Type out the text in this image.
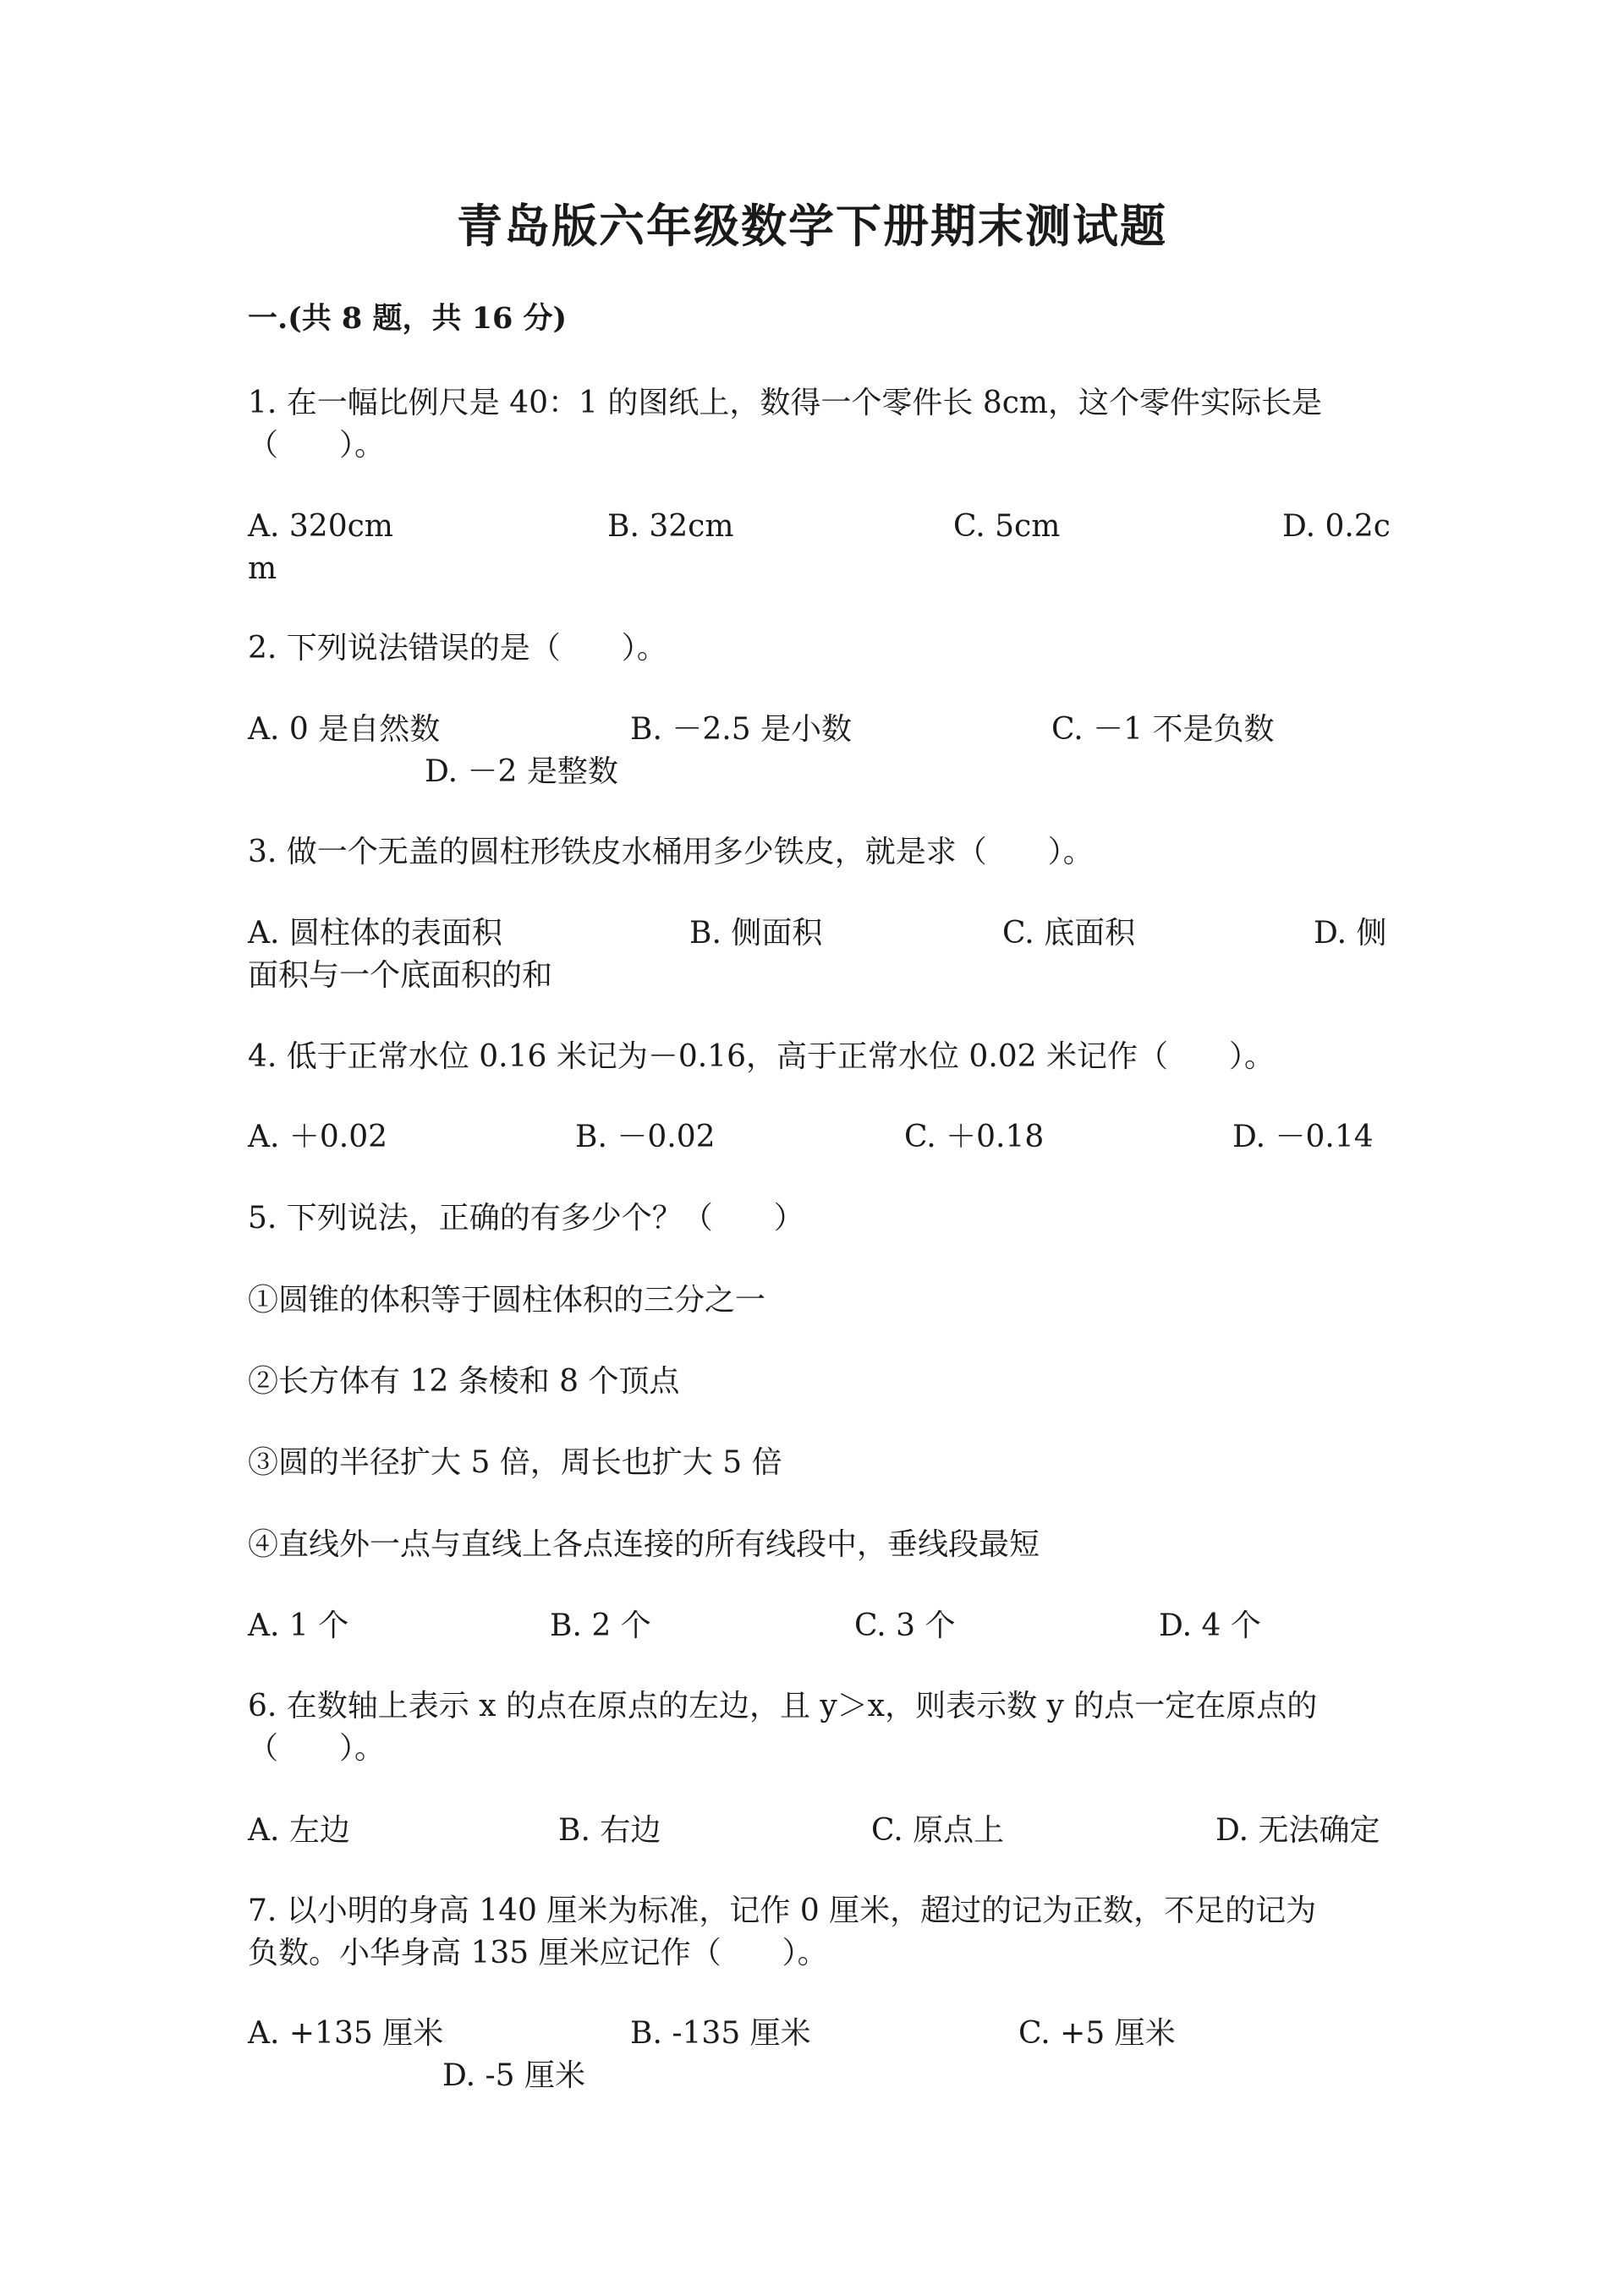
青岛版六年级数学下册期末测试题
一.(共 8 题，共 16 分)
1. 在一幅比例尺是 40：1 的图纸上，数得一个零件长 8cm，这个零件实际长是
（　　）。
A. 320cm	B. 32cm	C. 5cm	D. 0.2c
m
2. 下列说法错误的是（　　）。
A. 0 是自然数	B. －2.5 是小数	C. －1 不是负数
D. －2 是整数
3. 做一个无盖的圆柱形铁皮水桶用多少铁皮，就是求（　　）。
A. 圆柱体的表面积	B. 侧面积	C. 底面积	D. 侧
面积与一个底面积的和
4. 低于正常水位 0.16 米记为－0.16，高于正常水位 0.02 米记作（　　）。
A. ＋0.02	B. －0.02	C. ＋0.18	D. －0.14
5. 下列说法，正确的有多少个？（　　）
①圆锥的体积等于圆柱体积的三分之一
②长方体有 12 条棱和 8 个顶点
③圆的半径扩大 5 倍，周长也扩大 5 倍
④直线外一点与直线上各点连接的所有线段中，垂线段最短
A. 1 个	B. 2 个	C. 3 个	D. 4 个
6. 在数轴上表示 x 的点在原点的左边，且 y＞x，则表示数 y 的点一定在原点的
（　　）。
A. 左边	B. 右边	C. 原点上	D. 无法确定
7. 以小明的身高 140 厘米为标准，记作 0 厘米，超过的记为正数，不足的记为
负数。小华身高 135 厘米应记作（　　）。
A. +135 厘米	B. -135 厘米	C. +5 厘米
D. -5 厘米
